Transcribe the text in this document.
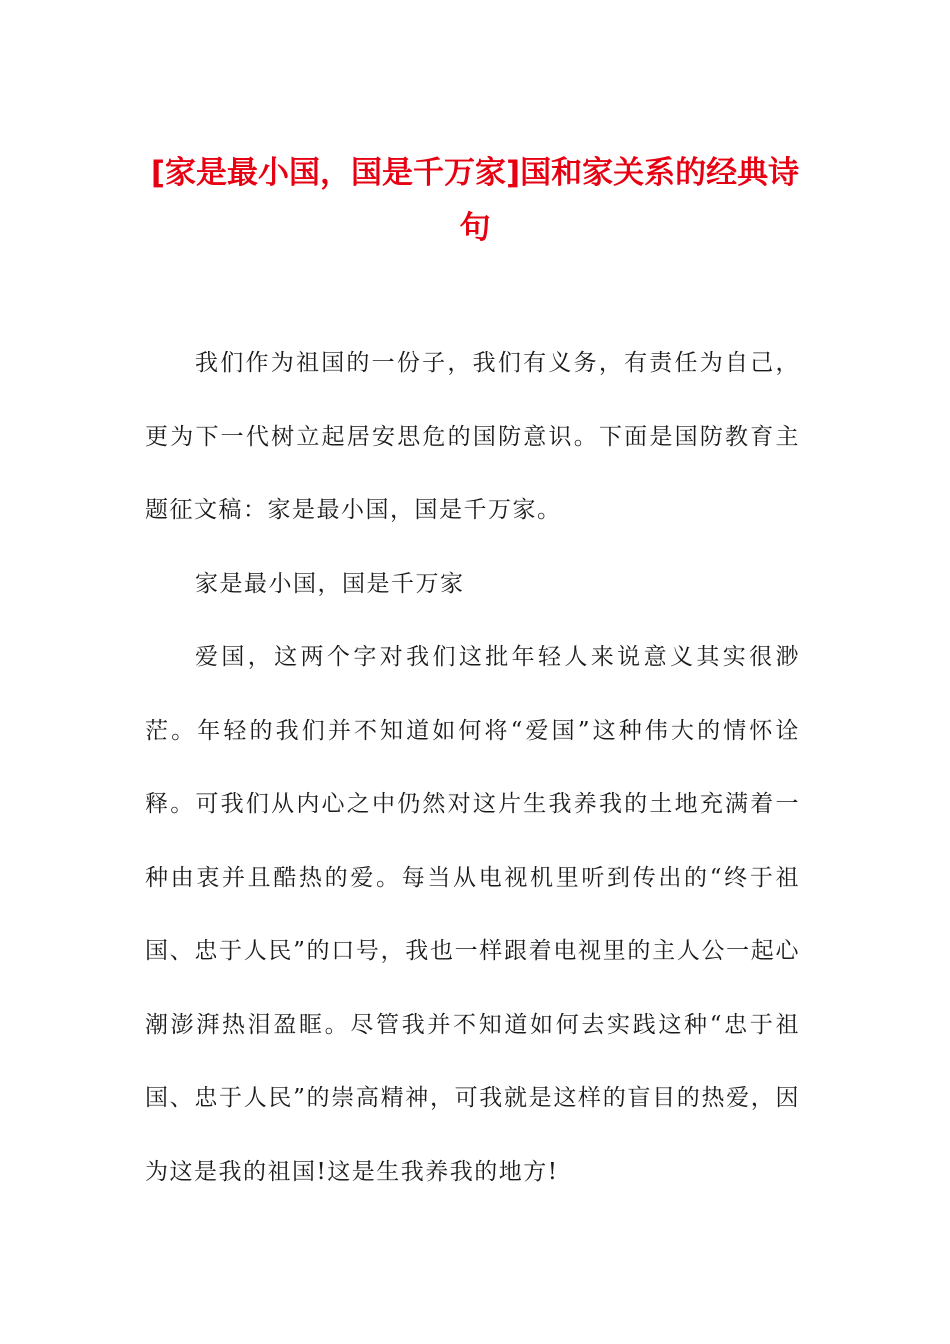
[家是最小国，国是千万家]国和家关系的经典诗句

我们作为祖国的一份子，我们有义务，有责任为自己，更为下一代树立起居安思危的国防意识。下面是国防教育主题征文稿：家是最小国，国是千万家。

家是最小国，国是千万家

爱国，这两个字对我们这批年轻人来说意义其实很渺茫。年轻的我们并不知道如何将“爱国”这种伟大的情怀诠释。可我们从内心之中仍然对这片生我养我的土地充满着一种由衷并且酷热的爱。每当从电视机里听到传出的“终于祖国、忠于人民”的口号，我也一样跟着电视里的主人公一起心潮澎湃热泪盈眶。尽管我并不知道如何去实践这种“忠于祖国、忠于人民”的崇高精神，可我就是这样的盲目的热爱，因为这是我的祖国!这是生我养我的地方!
